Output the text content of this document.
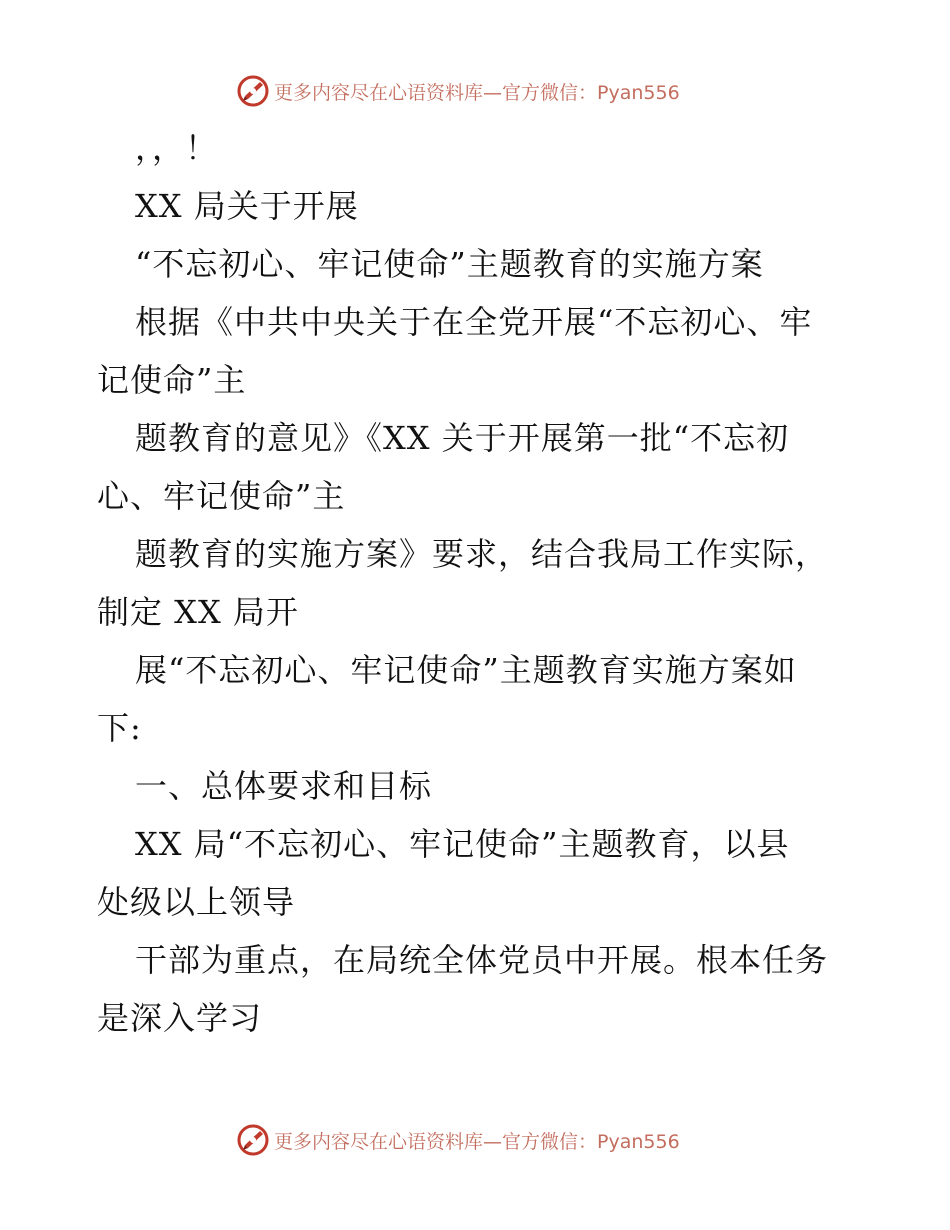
更多内容尽在心语资料库—官方微信：Pyan556
，，！
XX 局关于开展
“不忘初心、牢记使命”主题教育的实施方案
根据《中共中央关于在全党开展“不忘初心、牢
记使命”主
题教育的意见》《XX 关于开展第一批“不忘初
心、牢记使命”主
题教育的实施方案》要求，结合我局工作实际，
制定 XX 局开
展“不忘初心、牢记使命”主题教育实施方案如
下:
一、总体要求和目标
XX 局“不忘初心、牢记使命”主题教育，以县
处级以上领导
干部为重点，在局统全体党员中开展。根本任务
是深入学习
更多内容尽在心语资料库—官方微信：Pyan556
